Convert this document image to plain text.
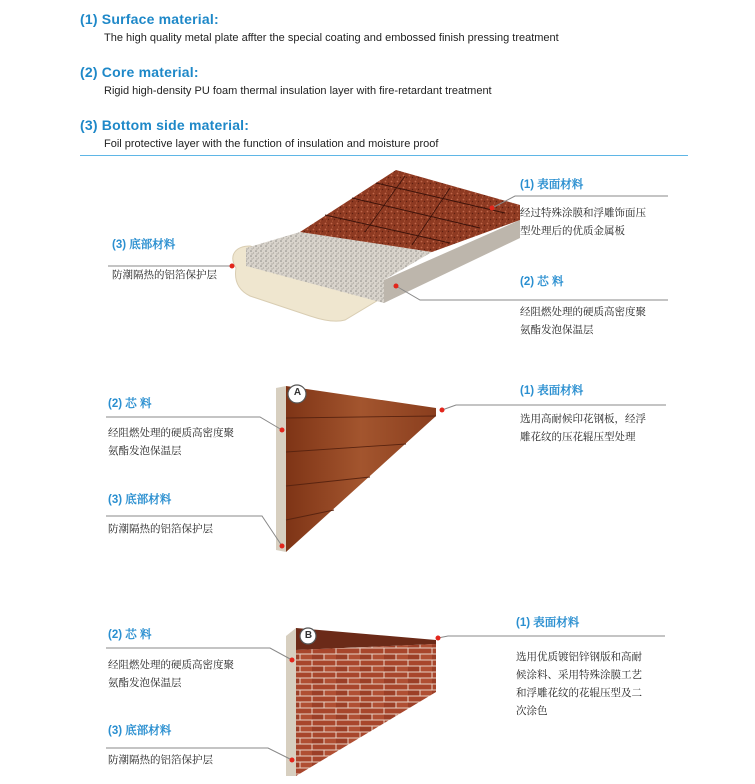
(1) Surface material:
The high quality metal plate affter the special coating and embossed finish pressing treatment
(2) Core material:
Rigid high-density PU foam thermal insulation layer with fire-retardant treatment
(3) Bottom side material:
Foil protective layer with the function of insulation and moisture proof
A
B
(1) 表面材料
经过特殊涂膜和浮雕饰面压
型处理后的优质金属板
(3) 底部材料
防潮隔热的铝箔保护层
(2) 芯 料
经阻燃处理的硬质高密度聚
氨酯发泡保温层
(2) 芯 料
经阻燃处理的硬质高密度聚
氨酯发泡保温层
(3) 底部材料
防潮隔热的铝箔保护层
(1) 表面材料
选用高耐候印花钢板，经浮
雕花纹的压花辊压型处理
(2) 芯 料
经阻燃处理的硬质高密度聚
氨酯发泡保温层
(3) 底部材料
防潮隔热的铝箔保护层
(1) 表面材料
选用优质镀铝锌钢版和高耐
候涂料、采用特殊涂膜工艺
和浮雕花纹的花辊压型及二
次涂色
